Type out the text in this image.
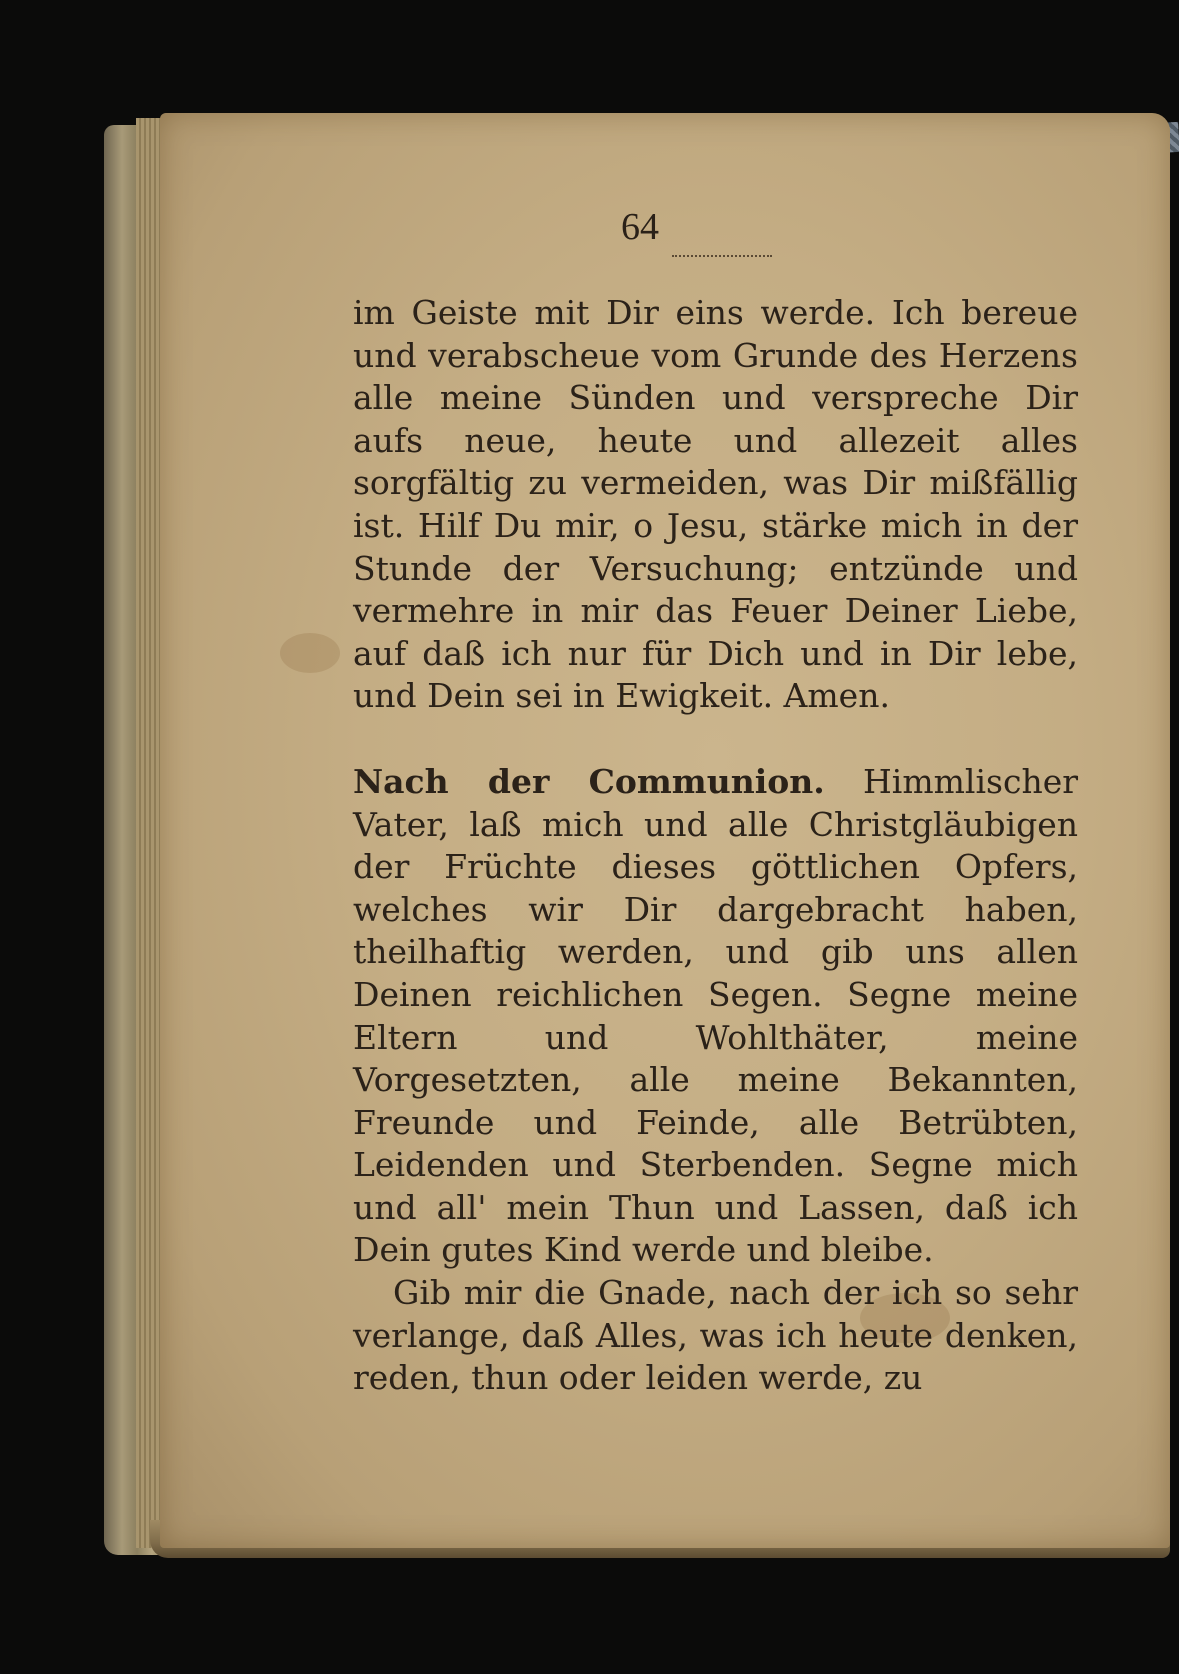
64

im Geiste mit Dir eins werde. Ich bereue und verabscheue vom Grunde des Herzens alle meine Sünden und verspreche Dir aufs neue, heute und allezeit alles sorgfältig zu vermeiden, was Dir mißfällig ist. Hilf Du mir, o Jesu, stärke mich in der Stunde der Versuchung; entzünde und vermehre in mir das Feuer Deiner Liebe, auf daß ich nur für Dich und in Dir lebe, und Dein sei in Ewigkeit. Amen.

Nach der Communion. Himmlischer Vater, laß mich und alle Christgläubigen der Früchte dieses göttlichen Opfers, welches wir Dir dargebracht haben, theilhaftig werden, und gib uns allen Deinen reichlichen Segen. Segne meine Eltern und Wohlthäter, meine Vorgesetzten, alle meine Bekannten, Freunde und Feinde, alle Betrübten, Leidenden und Sterbenden. Segne mich und all' mein Thun und Lassen, daß ich Dein gutes Kind werde und bleibe.

Gib mir die Gnade, nach der ich so sehr verlange, daß Alles, was ich heute denken, reden, thun oder leiden werde, zu
